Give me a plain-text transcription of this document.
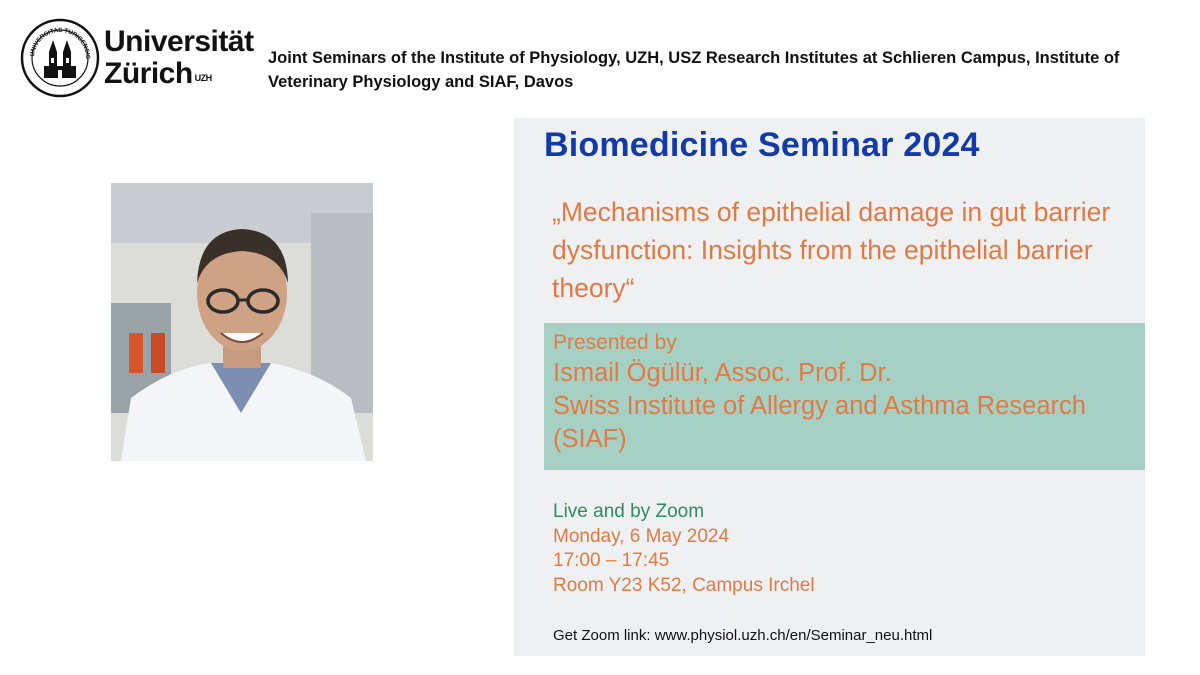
UNIVERSITAS TURICENSIS Universität
Zürich $^{UZH}$
Joint Seminars of the Institute of Physiology, UZH, USZ Research Institutes at Schlieren Campus, Institute of Veterinary Physiology and SIAF, Davos
Biomedicine Seminar 2024
„Mechanisms of epithelial damage in gut barrier dysfunction: Insights from the epithelial barrier theory“
Presented by
Ismail Ögülür, Assoc. Prof. Dr.
Swiss Institute of Allergy and Asthma Research (SIAF)
Live and by Zoom
Monday, 6 May 2024
17:00 – 17:45
Room Y23 K52, Campus Irchel
Get Zoom link: www.physiol.uzh.ch/en/Seminar_neu.html
